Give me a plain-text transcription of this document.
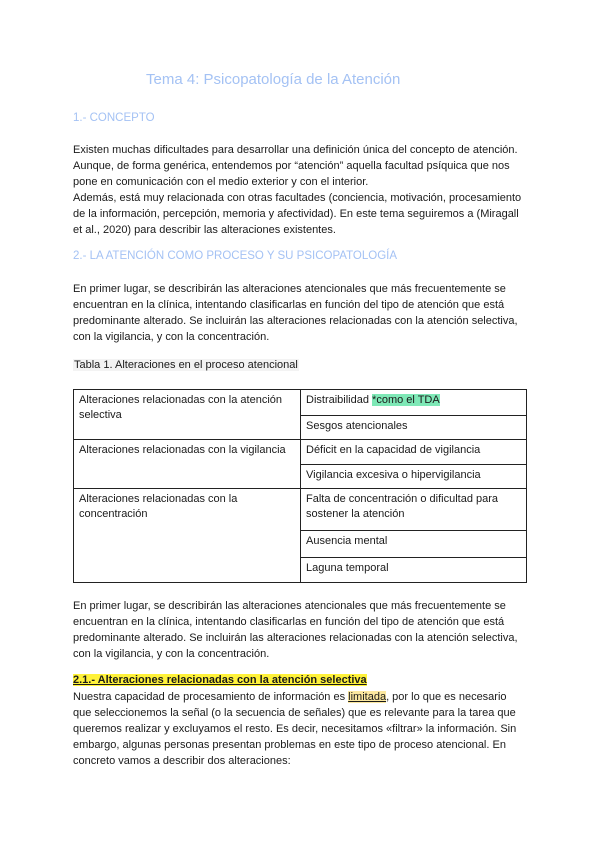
Tema 4: Psicopatología de la Atención
1.- CONCEPTO
Existen muchas dificultades para desarrollar una definición única del concepto de atención.
Aunque, de forma genérica, entendemos por “atención” aquella facultad psíquica que nos
pone en comunicación con el medio exterior y con el interior.
Además, está muy relacionada con otras facultades (conciencia, motivación, procesamiento
de la información, percepción, memoria y afectividad). En este tema seguiremos a (Miragall
et al., 2020) para describir las alteraciones existentes.
2.- LA ATENCIÓN COMO PROCESO Y SU PSICOPATOLOGÍA
En primer lugar, se describirán las alteraciones atencionales que más frecuentemente se
encuentran en la clínica, intentando clasificarlas en función del tipo de atención que está
predominante alterado. Se incluirán las alteraciones relacionadas con la atención selectiva,
con la vigilancia, y con la concentración.
Tabla 1. Alteraciones en el proceso atencional
Alteraciones relacionadas con la atención selectiva	Distraibilidad *como el TDA
	Sesgos atencionales
Alteraciones relacionadas con la vigilancia	Déficit en la capacidad de vigilancia
	Vigilancia excesiva o hipervigilancia
Alteraciones relacionadas con la concentración	Falta de concentración o dificultad para sostener la atención
	Ausencia mental
	Laguna temporal
En primer lugar, se describirán las alteraciones atencionales que más frecuentemente se
encuentran en la clínica, intentando clasificarlas en función del tipo de atención que está
predominante alterado. Se incluirán las alteraciones relacionadas con la atención selectiva,
con la vigilancia, y con la concentración.
2.1.- Alteraciones relacionadas con la atención selectiva
Nuestra capacidad de procesamiento de información es limitada, por lo que es necesario
que seleccionemos la señal (o la secuencia de señales) que es relevante para la tarea que
queremos realizar y excluyamos el resto. Es decir, necesitamos «filtrar» la información. Sin
embargo, algunas personas presentan problemas en este tipo de proceso atencional. En
concreto vamos a describir dos alteraciones:
